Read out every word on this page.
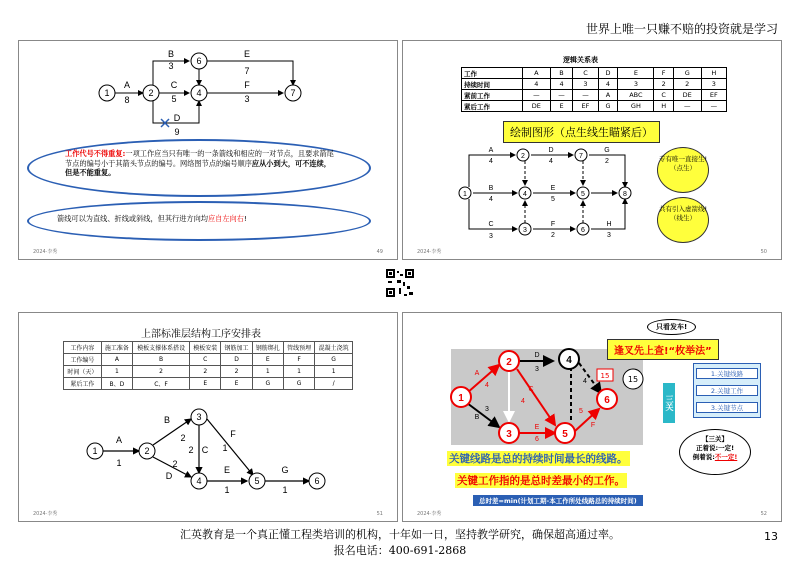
世界上唯一只赚不赔的投资就是学习
1	2
6
4	7
A
8
B
3
C
5
E
7
F
3
D
9
工作代号不得重复:一项工作应当只有唯一的一条箭线和相应的一对节点，且要求箭尾节点的编号小于其箭头节点的编号。网络图节点的编号顺序应从小到大，可不连续，但是不能重复。
箭线可以为直线、折线或斜线，但其行进方向均应自左向右!
2024·李秀	49
逻辑关系表
工作	A	B	C	D	E	F	G	H
持续时间	4	4	3	4	3	2	2	3
紧前工作	—	—	—	A	ABC	C	DE	EF
紧后工作	DE	E	EF	G	GH	H	—	—
绘制图形（点生线生瞄紧后）
1
2
3
4	5
6
7
8
A
4
D
4
G
2
B
4
E
5
C
3
F
2
H
3
专有唯一直接生!（点生）
共有引入虚箭线!（线生）
2024·李秀	50
上部标准层结构工序安排表
工作内容	施工准备	模板支撑体系搭设	模板安装	钢筋加工	钢筋绑扎	管线预埋	混凝土浇筑
工作编号	A	B	C	D	E	F	G
时间（天）	1	2	2	2	1	1	1
紧后工作	B、D	C、F	E	E	G	G	/
1	2
3
4	5	6
A
1
B
2
C
2
D
2
E
1
F
1
G
1
2024·李秀	51
只看发车!
1
2
3
4
5
6
A
4
B
3
D
3
C
4
E
6
F
5
4
15 15
逢叉先上查!“枚举法”
三关
1.关键线路
2.关键工作
3.关键节点
【三关】
正着说:一定!
倒着说:不一定!
关键线路是总的持续时间最长的线路。
关键工作指的是总时差最小的工作。
总时差=min(计划工期-本工作所处线路总的持续时间)
2024·李秀	52
汇英教育是一个真正懂工程类培训的机构，十年如一日，坚持教学研究，确保超高通过率。
报名电话：400-691-2868
13
